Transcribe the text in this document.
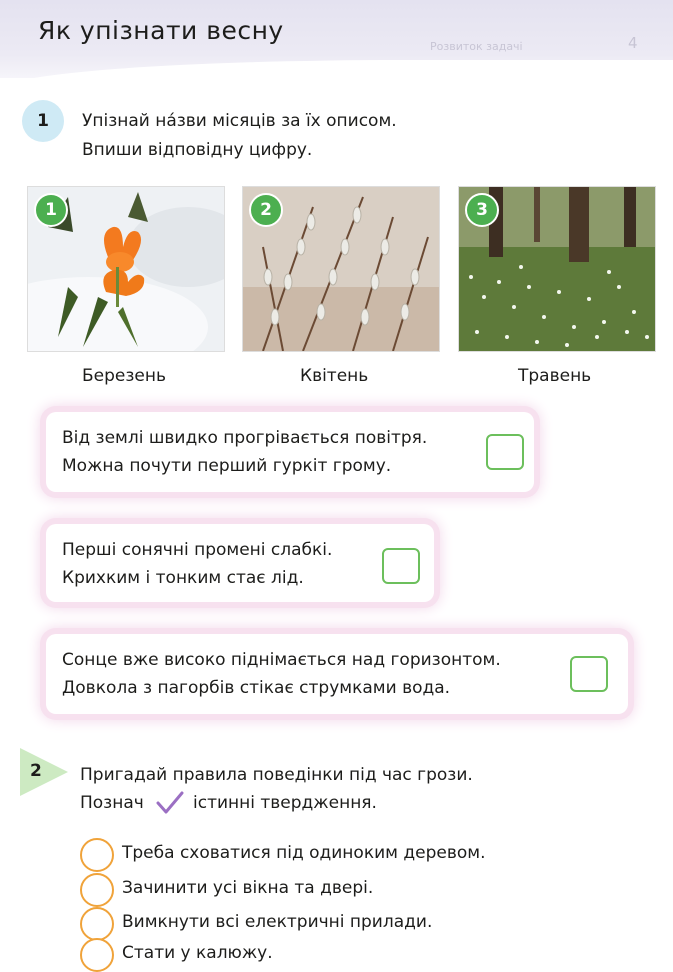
Як упізнати весну
Розвиток задачі	4
1	Упізнай на́зви місяців за їх описом.
Впиши відповідну цифру.
1	2	3
Березень	Квітень	Травень
Від землі швидко прогрівається повітря.
Можна почути перший гуркіт грому.
Перші сонячні промені слабкі.
Крихким і тонким стає лід.
Сонце вже високо піднімається над горизонтом.
Довкола з пагорбів стікає струмками вода.
2 Пригадай правила поведінки під час грози.
Познач	істинні твердження.
Треба сховатися під одиноким деревом.
Зачинити усі вікна та двері.
Вимкнути всі електричні прилади.
Стати у калюжу.
